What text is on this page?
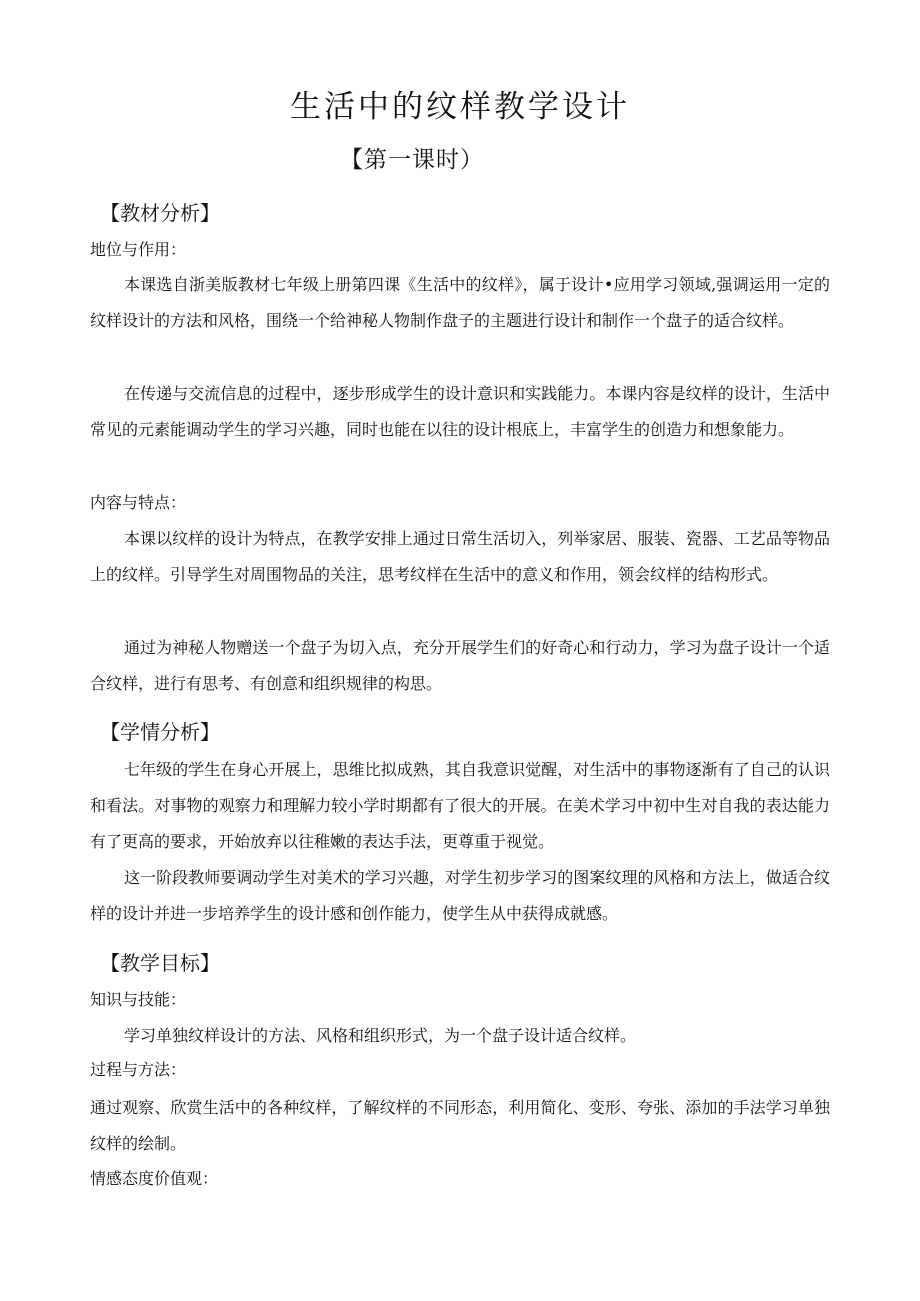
生活中的纹样教学设计
【第一课时）
【教材分析】
地位与作用：
本课选自浙美版教材七年级上册第四课《生活中的纹样》，属于设计•应用学习领域,强调运用一定的纹样设计的方法和风格，围绕一个给神秘人物制作盘子的主题进行设计和制作一个盘子的适合纹样。
在传递与交流信息的过程中，逐步形成学生的设计意识和实践能力。本课内容是纹样的设计，生活中常见的元素能调动学生的学习兴趣，同时也能在以往的设计根底上，丰富学生的创造力和想象能力。
内容与特点：
本课以纹样的设计为特点，在教学安排上通过日常生活切入，列举家居、服装、瓷器、工艺品等物品上的纹样。引导学生对周围物品的关注，思考纹样在生活中的意义和作用，领会纹样的结构形式。
通过为神秘人物赠送一个盘子为切入点，充分开展学生们的好奇心和行动力，学习为盘子设计一个适合纹样，进行有思考、有创意和组织规律的构思。
【学情分析】
七年级的学生在身心开展上，思维比拟成熟，其自我意识觉醒，对生活中的事物逐渐有了自己的认识和看法。对事物的观察力和理解力较小学时期都有了很大的开展。在美术学习中初中生对自我的表达能力有了更高的要求，开始放弃以往稚嫩的表达手法，更尊重于视觉。
这一阶段教师要调动学生对美术的学习兴趣，对学生初步学习的图案纹理的风格和方法上，做适合纹样的设计并进一步培养学生的设计感和创作能力，使学生从中获得成就感。
【教学目标】
知识与技能：
学习单独纹样设计的方法、风格和组织形式，为一个盘子设计适合纹样。
过程与方法：
通过观察、欣赏生活中的各种纹样，了解纹样的不同形态，利用简化、变形、夸张、添加的手法学习单独纹样的绘制。
情感态度价值观：
